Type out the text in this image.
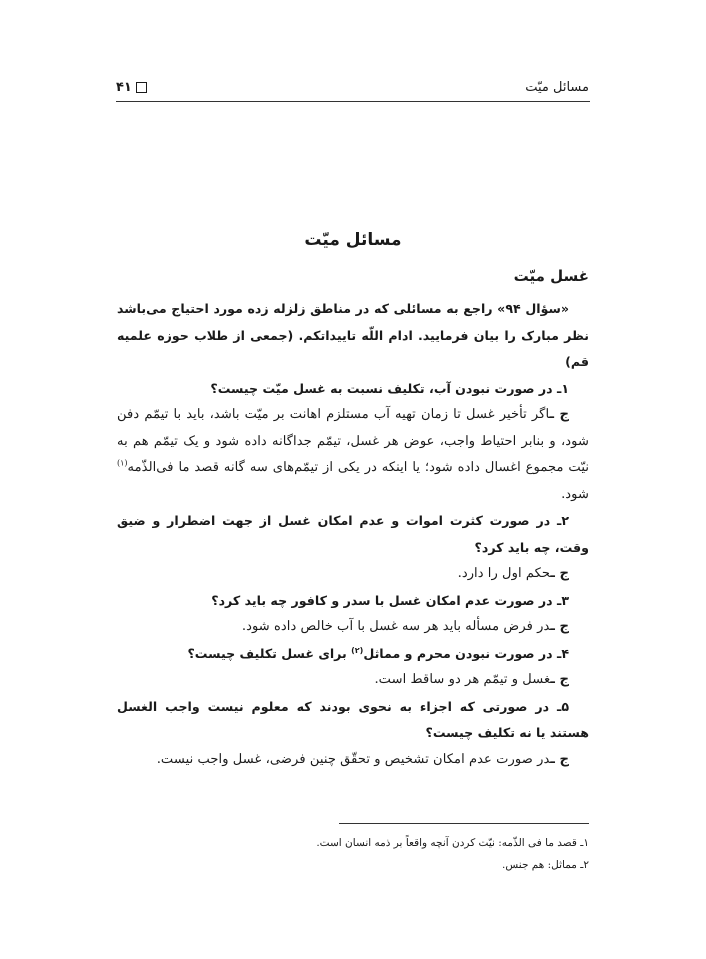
مسائل میّت
۴۱
مسائل میّت
غسل میّت

«سؤال ۹۴» راجع به مسائلی که در مناطق زلزله زده مورد احتیاج می‌باشد نظر مبارک را بیان فرمایید. ادام اللّه تاییداتکم. (جمعی از طلاب حوزه علمیه قم)

۱ـ در صورت نبودن آب، تکلیف نسبت به غسل میّت چیست؟

ج ـاگر تأخیر غسل تا زمان تهیه آب مستلزم اهانت بر میّت باشد، باید با تیمّم دفن شود، و بنابر احتیاط واجب، عوض هر غسل، تیمّم جداگانه داده شود و یک تیمّم هم به نیّت مجموع اغسال داده شود؛ یا اینکه در یکی از تیمّم‌های سه گانه قصد ما فی‌الذّمه$^{(۱)}$ شود.

۲ـ در صورت کثرت اموات و عدم امکان غسل از جهت اضطرار و ضیق وقت، چه باید کرد؟

ج ـحکم اول را دارد.

۳ـ در صورت عدم امکان غسل با سدر و کافور چه باید کرد؟

ج ـدر فرض مسأله باید هر سه غسل با آب خالص داده شود.

۴ـ در صورت نبودن محرم و مماثل$^{(۲)}$ برای غسل تکلیف چیست؟

ج ـغسل و تیمّم هر دو ساقط است.

۵ـ در صورتی که اجزاء به نحوی بودند که معلوم نیست واجب الغسل هستند یا نه تکلیف چیست؟

ج ـدر صورت عدم امکان تشخیص و تحقّق چنین فرضی، غسل واجب نیست.

۱ـ قصد ما فی الذّمه: نیّت کردن آنچه واقعاً بر ذمه انسان است.

۲ـ مماثل: هم جنس.
